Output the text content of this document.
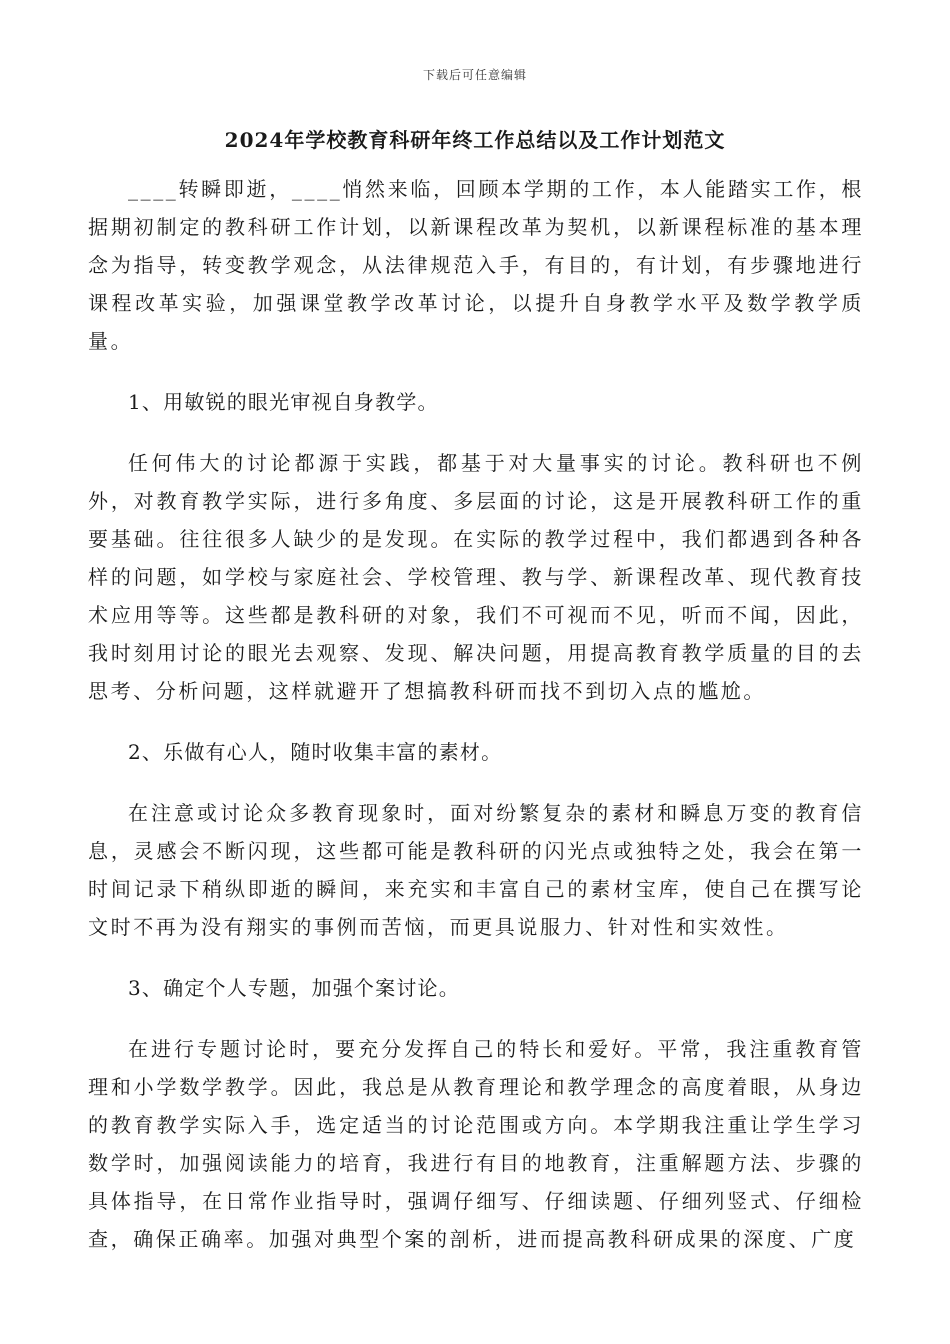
下载后可任意编辑
2024年学校教育科研年终工作总结以及工作计划范文

____转瞬即逝，____悄然来临，回顾本学期的工作，本人能踏实工作，根据期初制定的教科研工作计划，以新课程改革为契机，以新课程标准的基本理念为指导，转变教学观念，从法律规范入手，有目的，有计划，有步骤地进行课程改革实验，加强课堂教学改革讨论，以提升自身教学水平及数学教学质量。

1、用敏锐的眼光审视自身教学。

任何伟大的讨论都源于实践，都基于对大量事实的讨论。教科研也不例外，对教育教学实际，进行多角度、多层面的讨论，这是开展教科研工作的重要基础。往往很多人缺少的是发现。在实际的教学过程中，我们都遇到各种各样的问题，如学校与家庭社会、学校管理、教与学、新课程改革、现代教育技术应用等等。这些都是教科研的对象，我们不可视而不见，听而不闻，因此，我时刻用讨论的眼光去观察、发现、解决问题，用提高教育教学质量的目的去思考、分析问题，这样就避开了想搞教科研而找不到切入点的尴尬。

2、乐做有心人，随时收集丰富的素材。

在注意或讨论众多教育现象时，面对纷繁复杂的素材和瞬息万变的教育信息，灵感会不断闪现，这些都可能是教科研的闪光点或独特之处，我会在第一时间记录下稍纵即逝的瞬间，来充实和丰富自己的素材宝库，使自己在撰写论文时不再为没有翔实的事例而苦恼，而更具说服力、针对性和实效性。

3、确定个人专题，加强个案讨论。

在进行专题讨论时，要充分发挥自己的特长和爱好。平常，我注重教育管理和小学数学教学。因此，我总是从教育理论和教学理念的高度着眼，从身边的教育教学实际入手，选定适当的讨论范围或方向。本学期我注重让学生学习数学时，加强阅读能力的培育，我进行有目的地教育，注重解题方法、步骤的具体指导，在日常作业指导时，强调仔细写、仔细读题、仔细列竖式、仔细检查，确保正确率。加强对典型个案的剖析，进而提高教科研成果的深度、广度
